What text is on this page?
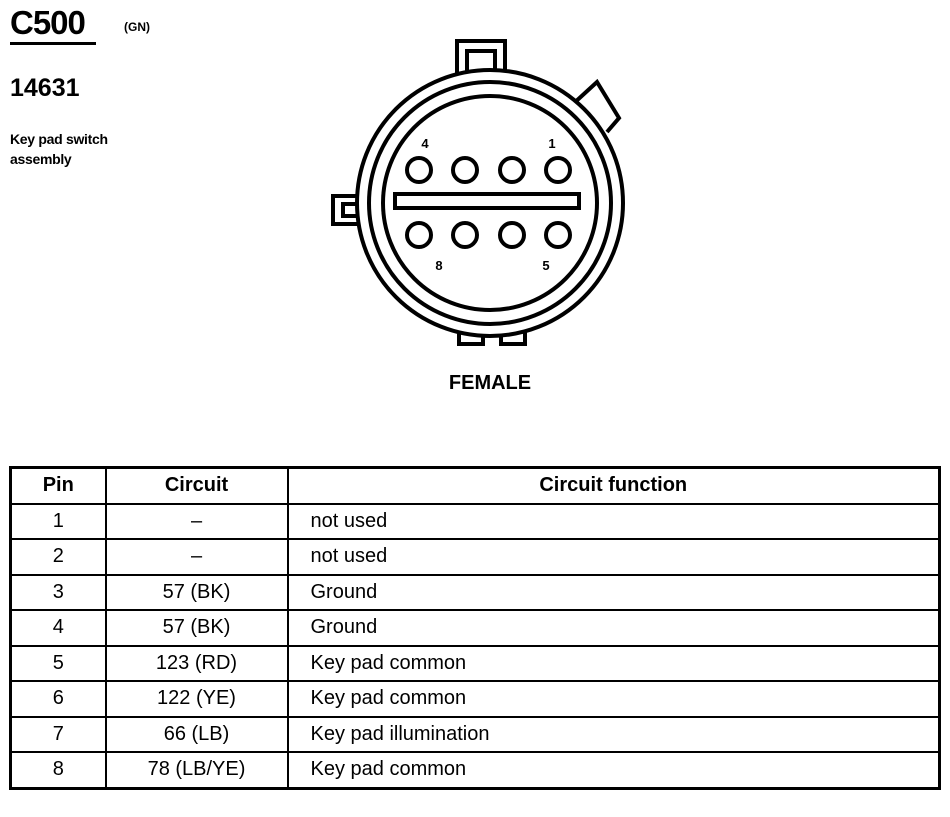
C500	(GN)
14631
Key pad switch assembly
4	1
8	5
FEMALE
Pin	Circuit	Circuit function
1	–	not used
2	–	not used
3	57 (BK)	Ground
4	57 (BK)	Ground
5	123 (RD)	Key pad common
6	122 (YE)	Key pad common
7	66 (LB)	Key pad illumination
8	78 (LB/YE)	Key pad common
